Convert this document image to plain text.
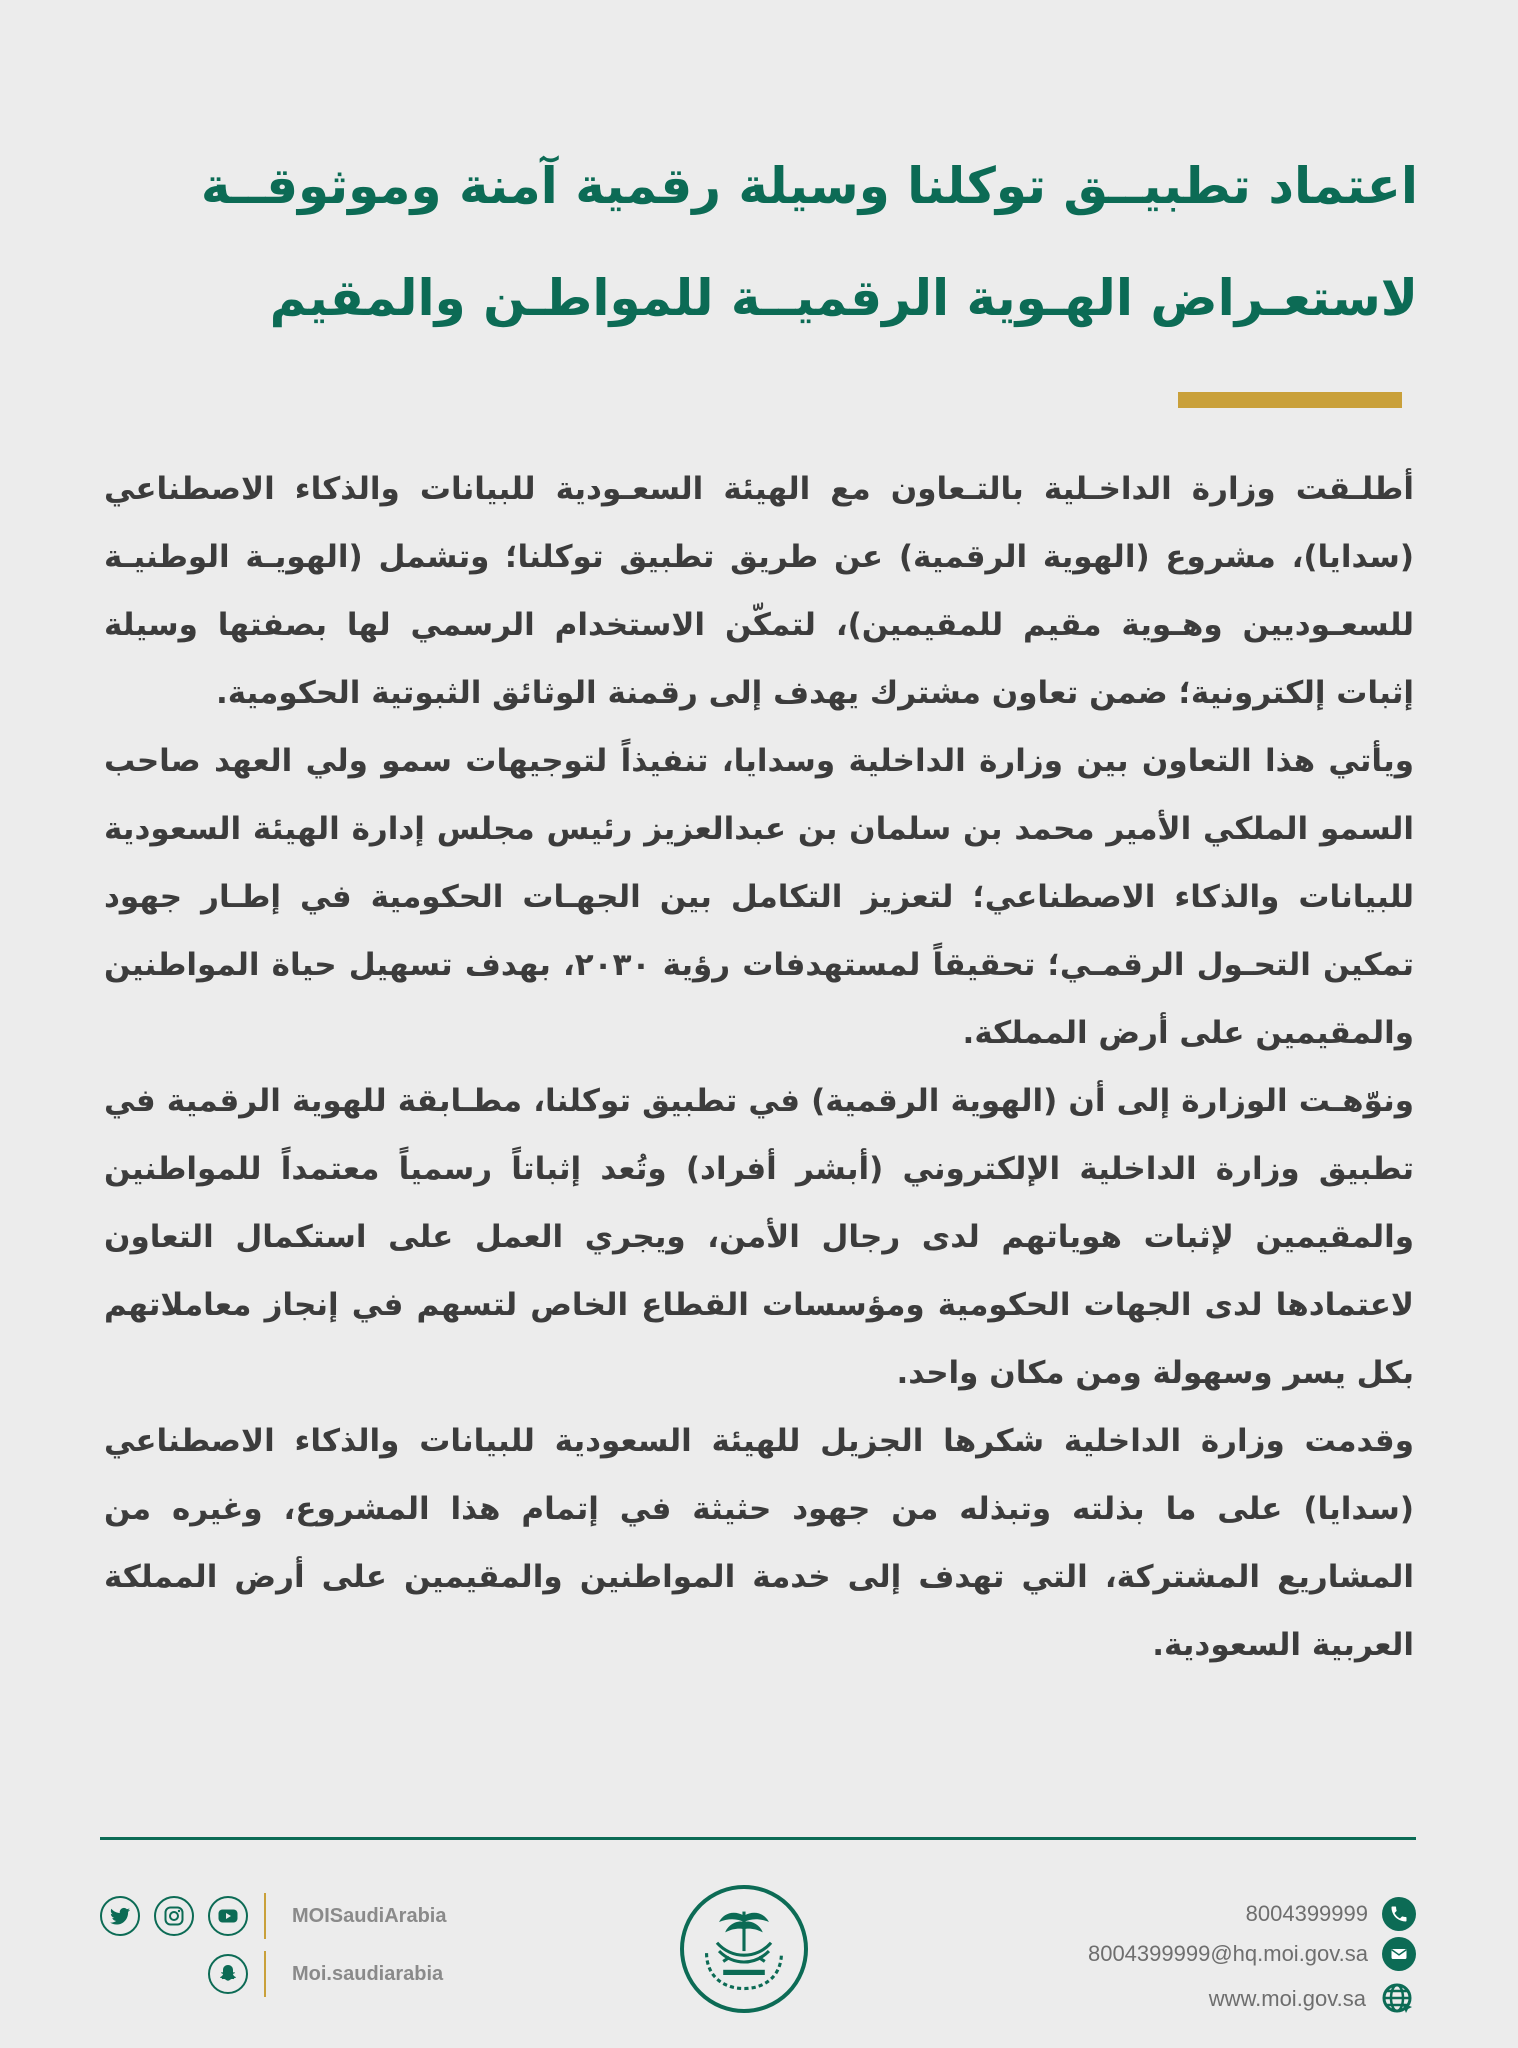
اعتماد تطبيــق توكلنا وسيلة رقمية آمنة وموثوقــة
لاستعـراض الهـوية الرقميــة للمواطـن والمقيم

أطلـقت وزارة الداخـلية بالتـعاون مع الهيئة السعـودية للبيانات والذكاء الاصطناعي (سدايا)، مشروع (الهوية الرقمية) عن طريق تطبيق توكلنا؛ وتشمل (الهويـة الوطنيـة للسعـوديين وهـوية مقيم للمقيمين)، لتمكّن الاستخدام الرسمي لها بصفتها وسيلة إثبات إلكترونية؛ ضمن تعاون مشترك يهدف إلى رقمنة الوثائق الثبوتية الحكومية.

ويأتي هذا التعاون بين وزارة الداخلية وسدايا، تنفيذاً لتوجيهات سمو ولي العهد صاحب السمو الملكي الأمير محمد بن سلمان بن عبدالعزيز رئيس مجلس إدارة الهيئة السعودية للبيانات والذكاء الاصطناعي؛ لتعزيز التكامل بين الجهـات الحكومية في إطـار جهود تمكين التحـول الرقمـي؛ تحقيقاً لمستهدفات رؤية ٢٠٣٠، بهدف تسهيل حياة المواطنين والمقيمين على أرض المملكة.

ونوّهـت الوزارة إلى أن (الهوية الرقمية) في تطبيق توكلنا، مطـابقة للهوية الرقمية في تطبيق وزارة الداخلية الإلكتروني (أبشر أفراد) وتُعد إثباتاً رسمياً معتمداً للمواطنين والمقيمين لإثبات هوياتهم لدى رجال الأمن، ويجري العمل على استكمال التعاون لاعتمادها لدى الجهات الحكومية ومؤسسات القطاع الخاص لتسهم في إنجاز معاملاتهم بكل يسر وسهولة ومن مكان واحد.

وقدمت وزارة الداخلية شكرها الجزيل للهيئة السعودية للبيانات والذكاء الاصطناعي (سدايا) على ما بذلته وتبذله من جهود حثيثة في إتمام هذا المشروع، وغيره من المشاريع المشتركة، التي تهدف إلى خدمة المواطنين والمقيمين على أرض المملكة العربية السعودية.

MOISaudiArabia
Moi.saudiarabia
8004399999
8004399999@hq.moi.gov.sa
www.moi.gov.sa
